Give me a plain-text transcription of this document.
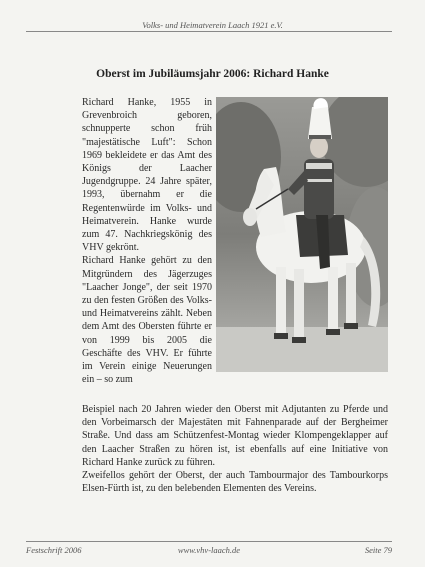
Volks- und Heimatverein Laach 1921 e.V.
Oberst im Jubiläumsjahr 2006: Richard Hanke

Richard Hanke, 1955 in Grevenbroich geboren, schnupperte schon früh "majestätische Luft": Schon 1969 bekleidete er das Amt des Königs der Laacher Jugendgruppe. 24 Jahre später, 1993, übernahm er die Regentenwürde im Volks- und Heimatverein. Hanke wurde zum 47. Nachkriegskönig des VHV gekrönt.

Richard Hanke gehört zu den Mitgründern des Jägerzuges "Laacher Jonge", der seit 1970 zu den festen Größen des Volks- und Heimatvereins zählt. Neben dem Amt des Obersten führte er von 1999 bis 2005 die Geschäfte des VHV. Er führte im Verein einige Neuerungen ein – so zum

Beispiel nach 20 Jahren wieder den Oberst mit Adjutanten zu Pferde und den Vorbeimarsch der Majestäten mit Fahnenparade auf der Bergheimer Straße. Und dass am Schützenfest-Montag wieder Klompengeklapper auf den Laacher Straßen zu hören ist, ist ebenfalls auf eine Initiative von Richard Hanke zurück zu führen.

Zweifellos gehört der Oberst, der auch Tambourmajor des Tambourkorps Elsen-Fürth ist, zu den belebenden Elementen des Vereins.

Festschrift 2006	www.vhv-laach.de	Seite 79
